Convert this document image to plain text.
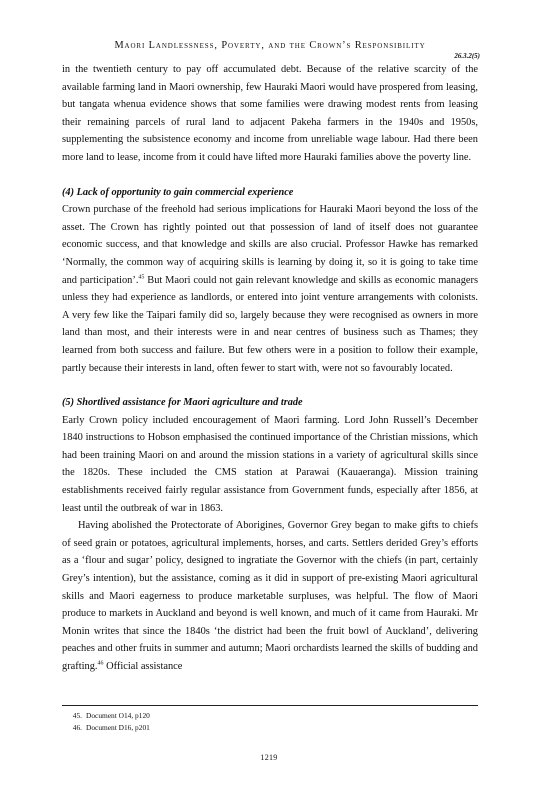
Maori Landlessness, Poverty, and the Crown’s Responsibility
26.3.2(5)

in the twentieth century to pay off accumulated debt. Because of the relative scarcity of the available farming land in Maori ownership, few Hauraki Maori would have prospered from leasing, but tangata whenua evidence shows that some families were drawing modest rents from leasing their remaining parcels of rural land to adjacent Pakeha farmers in the 1940s and 1950s, supplementing the subsistence economy and income from unreliable wage labour. Had there been more land to lease, income from it could have lifted more Hauraki families above the poverty line.

(4) Lack of opportunity to gain commercial experience

Crown purchase of the freehold had serious implications for Hauraki Maori beyond the loss of the asset. The Crown has rightly pointed out that possession of land of itself does not guarantee economic success, and that knowledge and skills are also crucial. Professor Hawke has remarked ‘Normally, the common way of acquiring skills is learning by doing it, so it is going to take time and participation’.$^{45}$ But Maori could not gain relevant knowledge and skills as economic managers unless they had experience as landlords, or entered into joint venture arrangements with colonists. A very few like the Taipari family did so, largely because they were recognised as owners in more land than most, and their interests were in and near centres of business such as Thames; they learned from both success and failure. But few others were in a position to follow their example, partly because their interests in land, often fewer to start with, were not so favourably located.

(5) Shortlived assistance for Maori agriculture and trade

Early Crown policy included encouragement of Maori farming. Lord John Russell’s December 1840 instructions to Hobson emphasised the continued importance of the Christian missions, which had been training Maori on and around the mission stations in a variety of agricultural skills since the 1820s. These included the CMS station at Parawai (Kauaeranga). Mission training establishments received fairly regular assistance from Government funds, especially after 1856, at least until the outbreak of war in 1863.

Having abolished the Protectorate of Aborigines, Governor Grey began to make gifts to chiefs of seed grain or potatoes, agricultural implements, horses, and carts. Settlers derided Grey’s efforts as a ‘flour and sugar’ policy, designed to ingratiate the Governor with the chiefs (in part, certainly Grey’s intention), but the assistance, coming as it did in support of pre-existing Maori agricultural skills and Maori eagerness to produce marketable surpluses, was helpful. The flow of Maori produce to markets in Auckland and beyond is well known, and much of it came from Hauraki. Mr Monin writes that since the 1840s ‘the district had been the fruit bowl of Auckland’, delivering peaches and other fruits in summer and autumn; Maori orchardists learned the skills of budding and grafting.$^{46}$ Official assistance

45. Document O14, p120
46. Document D16, p201
1219
